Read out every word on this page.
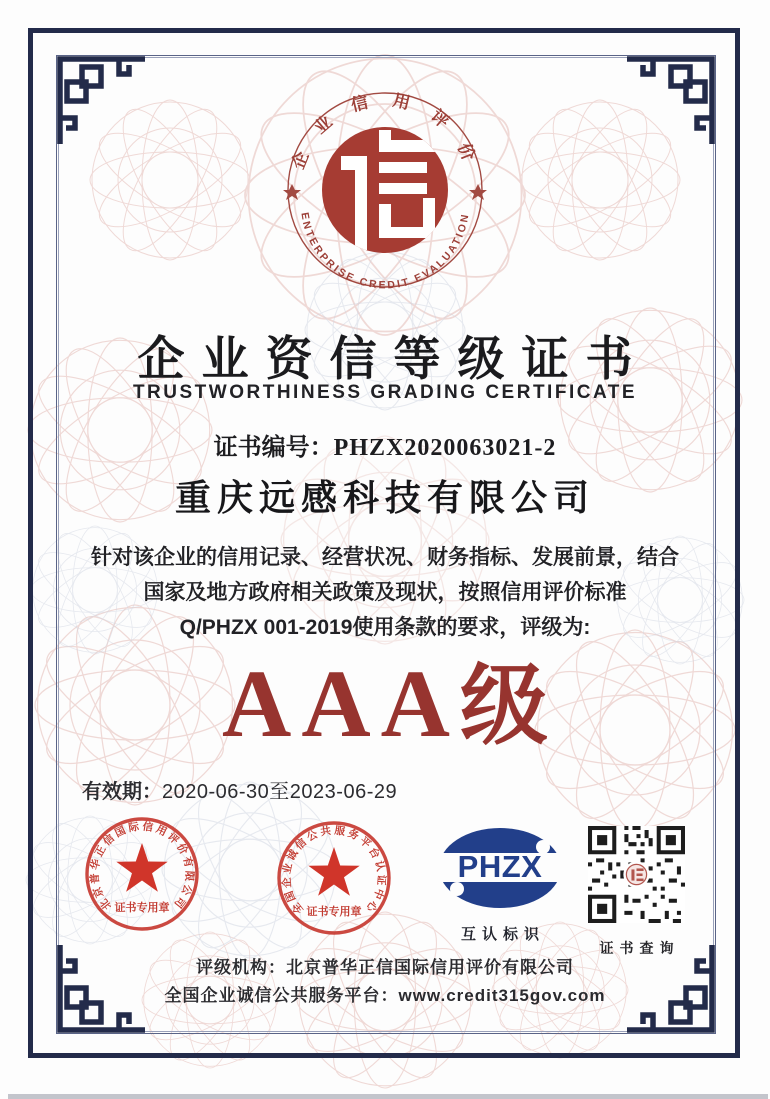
企 业 信 用 评 价
ENTERPRISE CREDIT EVALUATION
企业资信等级证书
TRUSTWORTHINESS GRADING CERTIFICATE
证书编号：PHZX2020063021-2
重庆远感科技有限公司
针对该企业的信用记录、经营状况、财务指标、发展前景，结合
国家及地方政府相关政策及现状，按照信用评价标准
Q/PHZX 001-2019使用条款的要求，评级为:
AAA级
有效期：2020-06-30至2023-06-29
北京普华正信国际信用评价有限公司
证书专用章	全国企业诚信公共服务平台认证中心
证书专用章
PHZX
互认标识
证书查询
评级机构：北京普华正信国际信用评价有限公司
全国企业诚信公共服务平台：www.credit315gov.com
